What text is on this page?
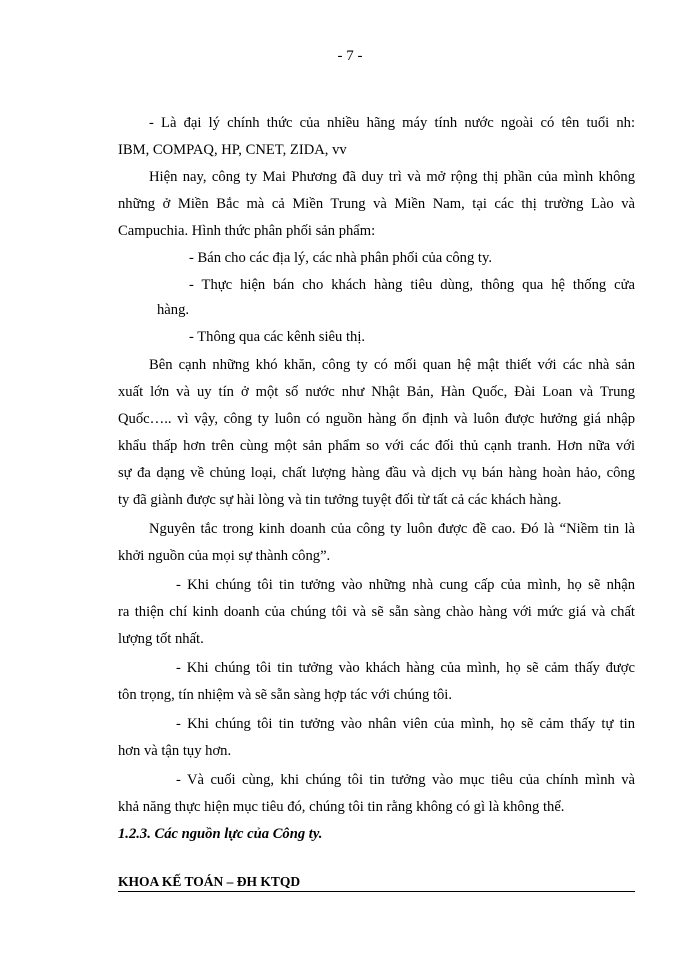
- 7 -
- Là đại lý chính thức của nhiều hãng máy tính nước ngoài có tên tuổi nh:
IBM, COMPAQ, HP, CNET, ZIDA, vv
Hiện nay, công ty Mai Phương đã duy trì và mở rộng thị phần của mình không
những ở Miền Bắc mà cả Miền Trung và Miền Nam, tại các thị trường Lào và
Campuchia. Hình thức phân phối sản phẩm:
- Bán cho các địa lý, các nhà phân phối của công ty.
- Thực hiện bán cho khách hàng tiêu dùng, thông qua hệ thống cửa
hàng.
- Thông qua các kênh siêu thị.
Bên cạnh những khó khăn, công ty có mối quan hệ mật thiết với các nhà sản
xuất lớn và uy tín ở một số nước như Nhật Bản, Hàn Quốc, Đài Loan và Trung
Quốc….. vì vậy, công ty luôn có nguồn hàng ổn định và luôn được hưởng giá nhập
khẩu thấp hơn trên cùng một sản phẩm so với các đối thủ cạnh tranh. Hơn nữa với
sự đa dạng về chủng loại, chất lượng hàng đầu và dịch vụ bán hàng hoàn hảo, công
ty đã giành được sự hài lòng và tin tưởng tuyệt đối từ tất cả các khách hàng.
Nguyên tắc trong kinh doanh của công ty luôn được đề cao. Đó là “Niềm tin là
khởi nguồn của mọi sự thành công”.
- Khi chúng tôi tin tưởng vào những nhà cung cấp của mình, họ sẽ nhận
ra thiện chí kinh doanh của chúng tôi và sẽ sẵn sàng chào hàng với mức giá và chất
lượng tốt nhất.
- Khi chúng tôi tin tưởng vào khách hàng của mình, họ sẽ cảm thấy được
tôn trọng, tín nhiệm và sẽ sẵn sàng hợp tác với chúng tôi.
- Khi chúng tôi tin tưởng vào nhân viên của mình, họ sẽ cảm thấy tự tin
hơn và tận tụy hơn.
- Và cuối cùng, khi chúng tôi tin tưởng vào mục tiêu của chính mình và
khả năng thực hiện mục tiêu đó, chúng tôi tin rằng không có gì là không thể.
1.2.3. Các nguồn lực của Công ty.
KHOA KẾ TOÁN – ĐH KTQD
